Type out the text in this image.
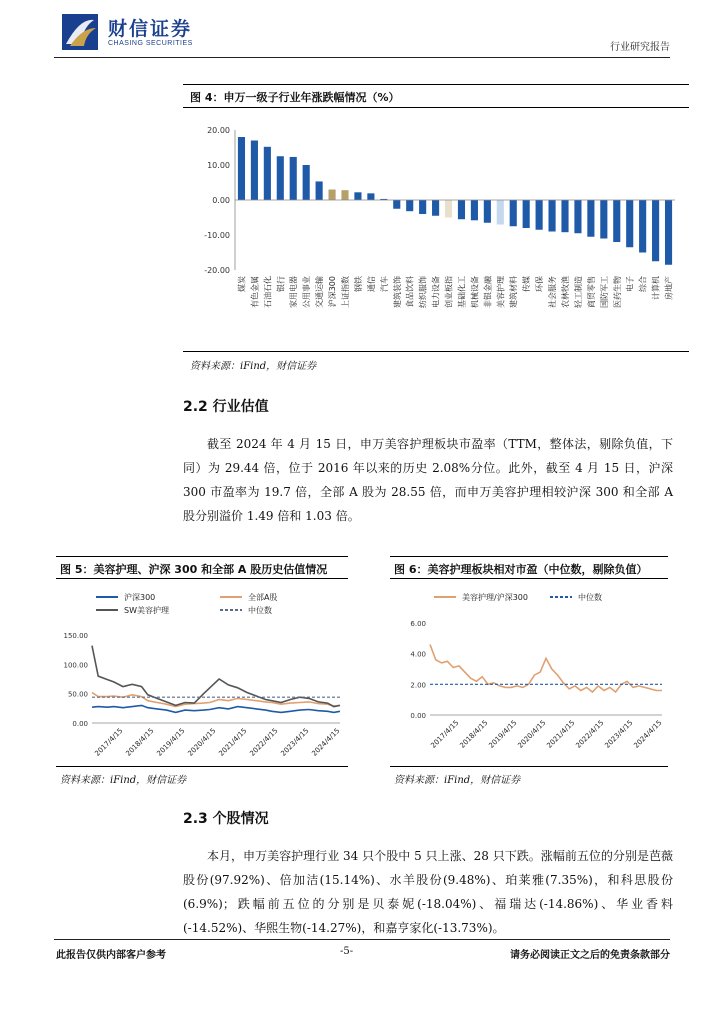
财信证券
CHASING SECURITIES	行业研究报告
图 4：申万一级子行业年涨跌幅情况（%）
20.00
10.00
0.00
-10.00
-20.00
煤炭 有色金属 石油石化 银行 家用电器 公用事业 交通运输 沪深300 上证指数 钢铁 通信 汽车 建筑装饰 食品饮料 纺织服饰 电力设备 创业板指 基础化工 机械设备 非银金融 美容护理 建筑材料 传媒 环保 社会服务 农林牧渔 轻工制造 商贸零售 国防军工 医药生物 电子 综合 计算机 房地产
资料来源：iFind，财信证券
2.2 行业估值
截至 2024 年 4 月 15 日，申万美容护理板块市盈率（TTM，整体法，剔除负值，下同）为 29.44 倍，位于 2016 年以来的历史 2.08%分位。此外，截至 4 月 15 日，沪深 300 市盈率为 19.7 倍，全部 A 股为 28.55 倍，而申万美容护理相较沪深 300 和全部 A 股分别溢价 1.49 倍和 1.03 倍。
图 5：美容护理、沪深 300 和全部 A 股历史估值情况
沪深300	全部A股
SW美容护理	中位数
150.00
100.00
50.00
0.00
2017/4/15 2018/4/15 2019/4/15 2020/4/15 2021/4/15 2022/4/15 2023/4/15 2024/4/15
资料来源：iFind，财信证券
图 6：美容护理板块相对市盈（中位数，剔除负值）
美容护理/沪深300	中位数
6.00
4.00
2.00
0.00
2017/4/15
2018/4/15
2019/4/15
2020/4/15
2021/4/15
2022/4/15
2023/4/15
2024/4/15
资料来源：iFind，财信证券
2.3 个股情况
本月，申万美容护理行业 34 只个股中 5 只上涨、28 只下跌。涨幅前五位的分别是芭薇股份(97.92%)、倍加洁(15.14%)、水羊股份(9.48%)、珀莱雅(7.35%)，和科思股份(6.9%)；跌幅前五位的分别是贝泰妮(-18.04%)、福瑞达(-14.86%)、华业香料(-14.52%)、华熙生物(-14.27%)，和嘉亨家化(-13.73%)。
此报告仅供内部客户参考	-5-	请务必阅读正文之后的免责条款部分
